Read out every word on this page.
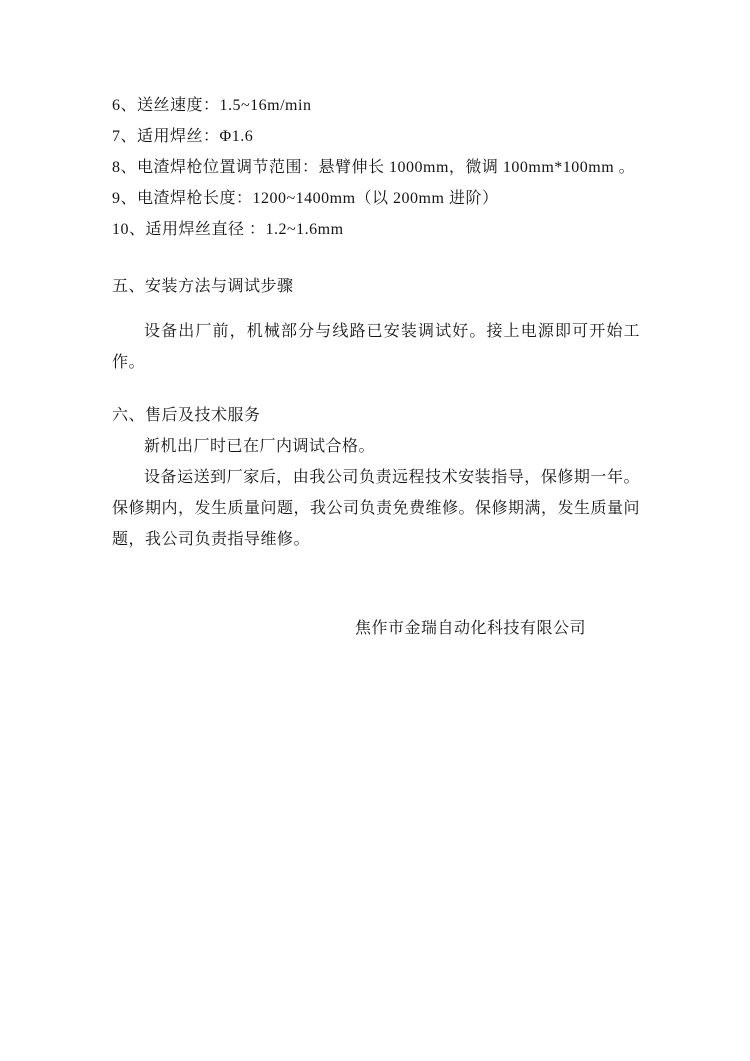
6、送丝速度：1.5~16m/min
7、适用焊丝：Φ1.6
8、电渣焊枪位置调节范围：悬臂伸长 1000mm，微调 100mm*100mm 。
9、电渣焊枪长度：1200~1400mm（以 200mm 进阶）
10、适用焊丝直径 ：1.2~1.6mm
五、安装方法与调试步骤
设备出厂前，机械部分与线路已安装调试好。接上电源即可开始工作。
六、售后及技术服务
新机出厂时已在厂内调试合格。
设备运送到厂家后，由我公司负责远程技术安装指导，保修期一年。保修期内，发生质量问题，我公司负责免费维修。保修期满，发生质量问题，我公司负责指导维修。
焦作市金瑞自动化科技有限公司
